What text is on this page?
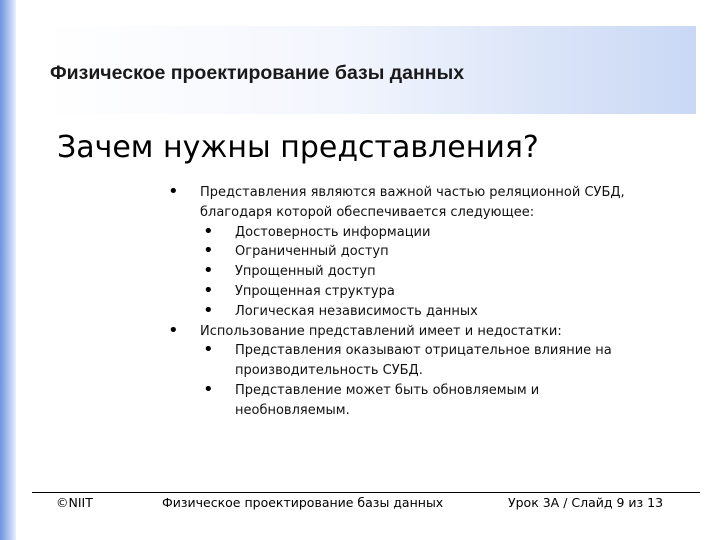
Физическое проектирование базы данных
Зачем нужны представления?
• Представления являются важной частью реляционной СУБД,
благодаря которой обеспечивается следующее:
• Достоверность информации
• Ограниченный доступ
• Упрощенный доступ
• Упрощенная структура
• Логическая независимость данных
• Использование представлений имеет и недостатки:
• Представления оказывают отрицательное влияние на
производительность СУБД.
• Представление может быть обновляемым и
необновляемым.
©NIIT	Физическое проектирование базы данных	Урок 3А / Слайд 9 из 13
